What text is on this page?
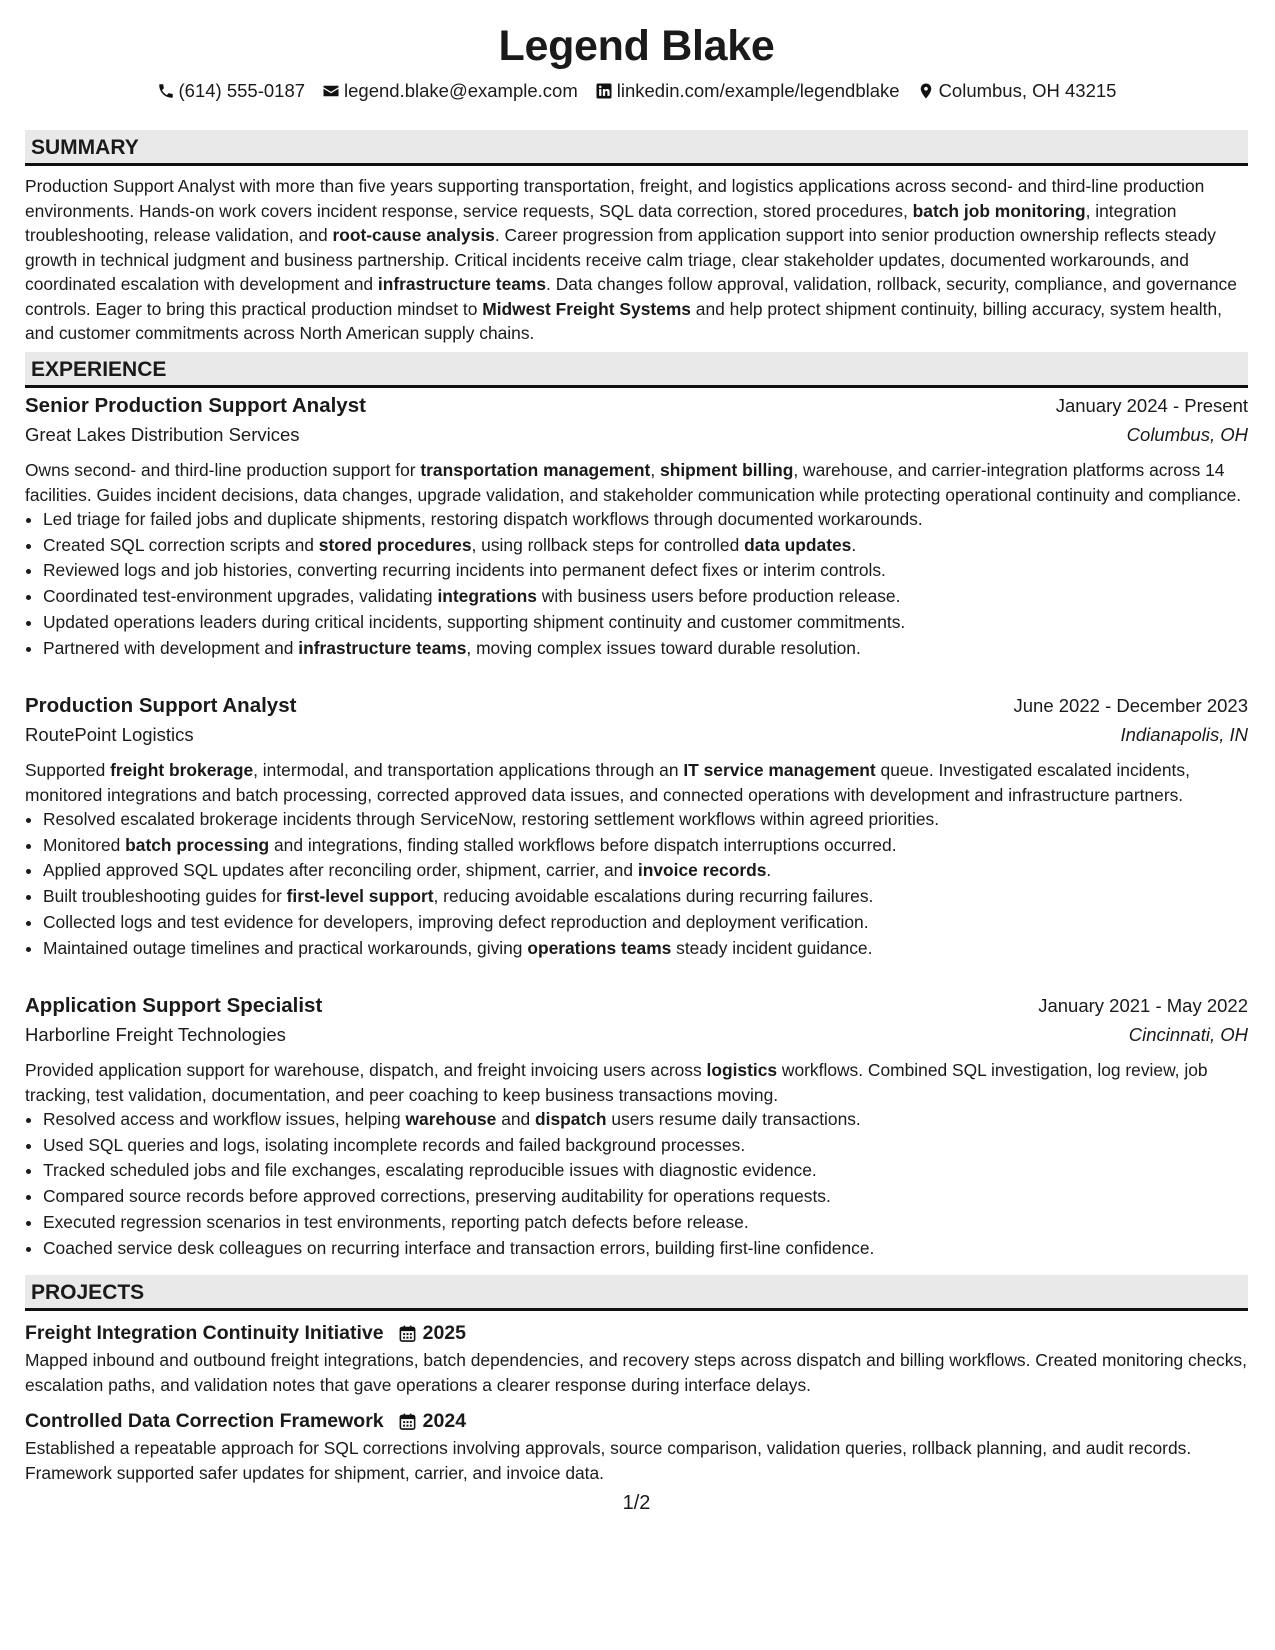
Legend Blake
(614) 555-0187 legend.blake@example.com linkedin.com/example/legendblake Columbus, OH 43215
SUMMARY

Production Support Analyst with more than five years supporting transportation, freight, and logistics applications across second- and third-line production environments. Hands-on work covers incident response, service requests, SQL data correction, stored procedures, batch job monitoring, integration troubleshooting, release validation, and root-cause analysis. Career progression from application support into senior production ownership reflects steady growth in technical judgment and business partnership. Critical incidents receive calm triage, clear stakeholder updates, documented workarounds, and coordinated escalation with development and infrastructure teams. Data changes follow approval, validation, rollback, security, compliance, and governance controls. Eager to bring this practical production mindset to Midwest Freight Systems and help protect shipment continuity, billing accuracy, system health, and customer commitments across North American supply chains.

EXPERIENCE
Senior Production Support Analyst	January 2024 - Present
Great Lakes Distribution Services	Columbus, OH

Owns second- and third-line production support for transportation management, shipment billing, warehouse, and carrier-integration platforms across 14 facilities. Guides incident decisions, data changes, upgrade validation, and stakeholder communication while protecting operational continuity and compliance.

• Led triage for failed jobs and duplicate shipments, restoring dispatch workflows through documented workarounds.
• Created SQL correction scripts and stored procedures, using rollback steps for controlled data updates.
• Reviewed logs and job histories, converting recurring incidents into permanent defect fixes or interim controls.
• Coordinated test-environment upgrades, validating integrations with business users before production release.
• Updated operations leaders during critical incidents, supporting shipment continuity and customer commitments.
• Partnered with development and infrastructure teams, moving complex issues toward durable resolution.
Production Support Analyst	June 2022 - December 2023
RoutePoint Logistics	Indianapolis, IN

Supported freight brokerage, intermodal, and transportation applications through an IT service management queue. Investigated escalated incidents, monitored integrations and batch processing, corrected approved data issues, and connected operations with development and infrastructure partners.

• Resolved escalated brokerage incidents through ServiceNow, restoring settlement workflows within agreed priorities.
• Monitored batch processing and integrations, finding stalled workflows before dispatch interruptions occurred.
• Applied approved SQL updates after reconciling order, shipment, carrier, and invoice records.
• Built troubleshooting guides for first-level support, reducing avoidable escalations during recurring failures.
• Collected logs and test evidence for developers, improving defect reproduction and deployment verification.
• Maintained outage timelines and practical workarounds, giving operations teams steady incident guidance.
Application Support Specialist	January 2021 - May 2022
Harborline Freight Technologies	Cincinnati, OH

Provided application support for warehouse, dispatch, and freight invoicing users across logistics workflows. Combined SQL investigation, log review, job tracking, test validation, documentation, and peer coaching to keep business transactions moving.

• Resolved access and workflow issues, helping warehouse and dispatch users resume daily transactions.
• Used SQL queries and logs, isolating incomplete records and failed background processes.
• Tracked scheduled jobs and file exchanges, escalating reproducible issues with diagnostic evidence.
• Compared source records before approved corrections, preserving auditability for operations requests.
• Executed regression scenarios in test environments, reporting patch defects before release.
• Coached service desk colleagues on recurring interface and transaction errors, building first-line confidence.
PROJECTS
Freight Integration Continuity Initiative 2025

Mapped inbound and outbound freight integrations, batch dependencies, and recovery steps across dispatch and billing workflows. Created monitoring checks, escalation paths, and validation notes that gave operations a clearer response during interface delays.

Controlled Data Correction Framework 2024

Established a repeatable approach for SQL corrections involving approvals, source comparison, validation queries, rollback planning, and audit records. Framework supported safer updates for shipment, carrier, and invoice data.

1/2
